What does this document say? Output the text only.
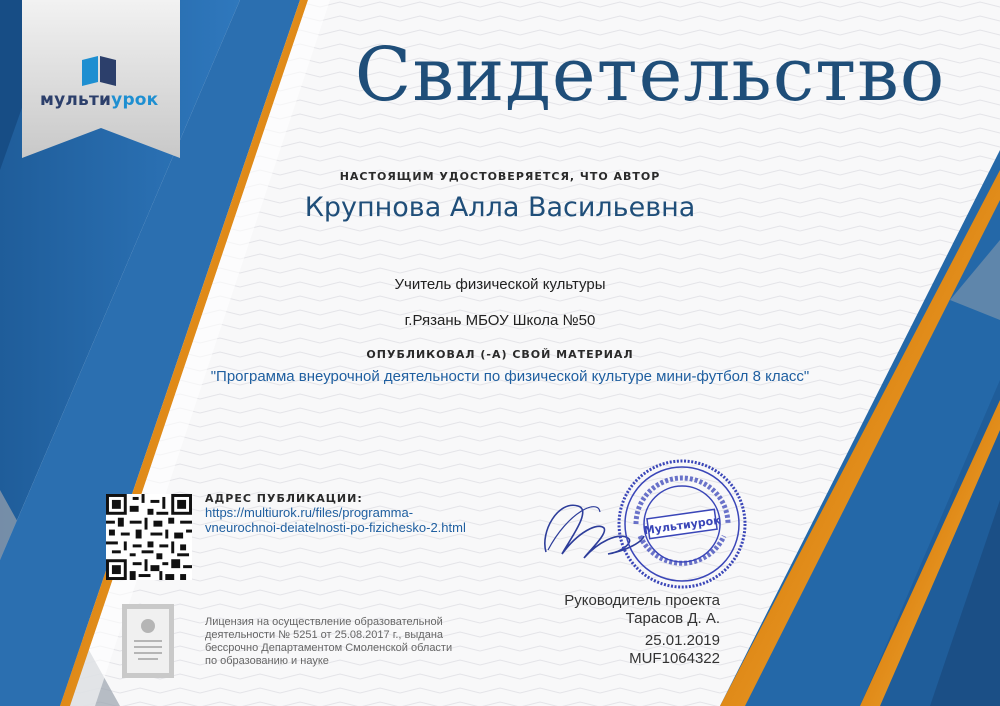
мультиурок	Свидетельство
НАСТОЯЩИМ УДОСТОВЕРЯЕТСЯ, ЧТО АВТОР
Крупнова Алла Васильевна
Учитель физической культуры
г.Рязань МБОУ Школа №50
ОПУБЛИКОВАЛ (-А) СВОЙ МАТЕРИАЛ
"Программа внеурочной деятельности по физической культуре мини-футбол 8 класс"
АДРЕС ПУБЛИКАЦИИ:
https://multiurok.ru/files/programma-
vneurochnoi-deiatelnosti-po-fizichesko-2.html
Лицензия на осуществление образовательной
деятельности № 5251 от 25.08.2017 г., выдана
бессрочно Департаментом Смоленской области
по образованию и науке
Мультиурок
Руководитель проекта
Тарасов Д. А.
25.01.2019
MUF1064322
